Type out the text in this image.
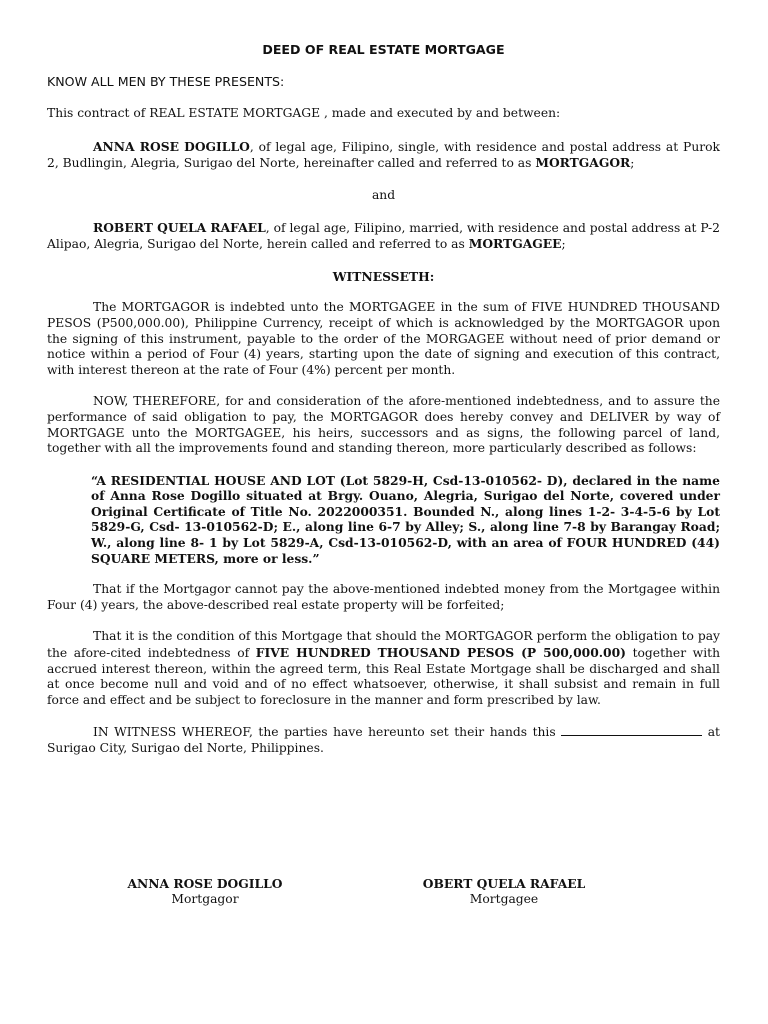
DEED OF REAL ESTATE MORTGAGE
KNOW ALL MEN BY THESE PRESENTS:
This contract of REAL ESTATE MORTGAGE , made and executed by and between:

ANNA ROSE DOGILLO, of legal age, Filipino, single, with residence and postal address at Purok 2, Budlingin, Alegria, Surigao del Norte, hereinafter called and referred to as MORTGAGOR;

and

ROBERT QUELA RAFAEL, of legal age, Filipino, married, with residence and postal address at P-2 Alipao, Alegria, Surigao del Norte, herein called and referred to as MORTGAGEE;

WITNESSETH:

The MORTGAGOR is indebted unto the MORTGAGEE in the sum of FIVE HUNDRED THOUSAND PESOS (P500,000.00), Philippine Currency, receipt of which is acknowledged by the MORTGAGOR upon the signing of this instrument, payable to the order of the MORGAGEE without need of prior demand or notice within a period of Four (4) years, starting upon the date of signing and execution of this contract, with interest thereon at the rate of Four (4%) percent per month.

NOW, THEREFORE, for and consideration of the afore-mentioned indebtedness, and to assure the performance of said obligation to pay, the MORTGAGOR does hereby convey and DELIVER by way of MORTGAGE unto the MORTGAGEE, his heirs, successors and as signs, the following parcel of land, together with all the improvements found and standing thereon, more particularly described as follows:

“A RESIDENTIAL HOUSE AND LOT (Lot 5829-H, Csd-13-010562- D), declared in the name of Anna Rose Dogillo situated at Brgy. Ouano, Alegria, Surigao del Norte, covered under Original Certificate of Title No. 2022000351. Bounded N., along lines 1-2- 3-4-5-6 by Lot 5829-G, Csd- 13-010562-D; E., along line 6-7 by Alley; S., along line 7-8 by Barangay Road; W., along line 8- 1 by Lot 5829-A, Csd-13-010562-D, with an area of FOUR HUNDRED (44) SQUARE METERS, more or less.”

That if the Mortgagor cannot pay the above-mentioned indebted money from the Mortgagee within Four (4) years, the above-described real estate property will be forfeited;

That it is the condition of this Mortgage that should the MORTGAGOR perform the obligation to pay the afore-cited indebtedness of FIVE HUNDRED THOUSAND PESOS (P 500,000.00) together with accrued interest thereon, within the agreed term, this Real Estate Mortgage shall be discharged and shall at once become null and void and of no effect whatsoever, otherwise, it shall subsist and remain in full force and effect and be subject to foreclosure in the manner and form prescribed by law.

IN WITNESS WHEREOF, the parties have hereunto set their hands this	at Surigao City, Surigao del Norte, Philippines.

ANNA ROSE DOGILLO
Mortgagor
OBERT QUELA RAFAEL
Mortgagee
